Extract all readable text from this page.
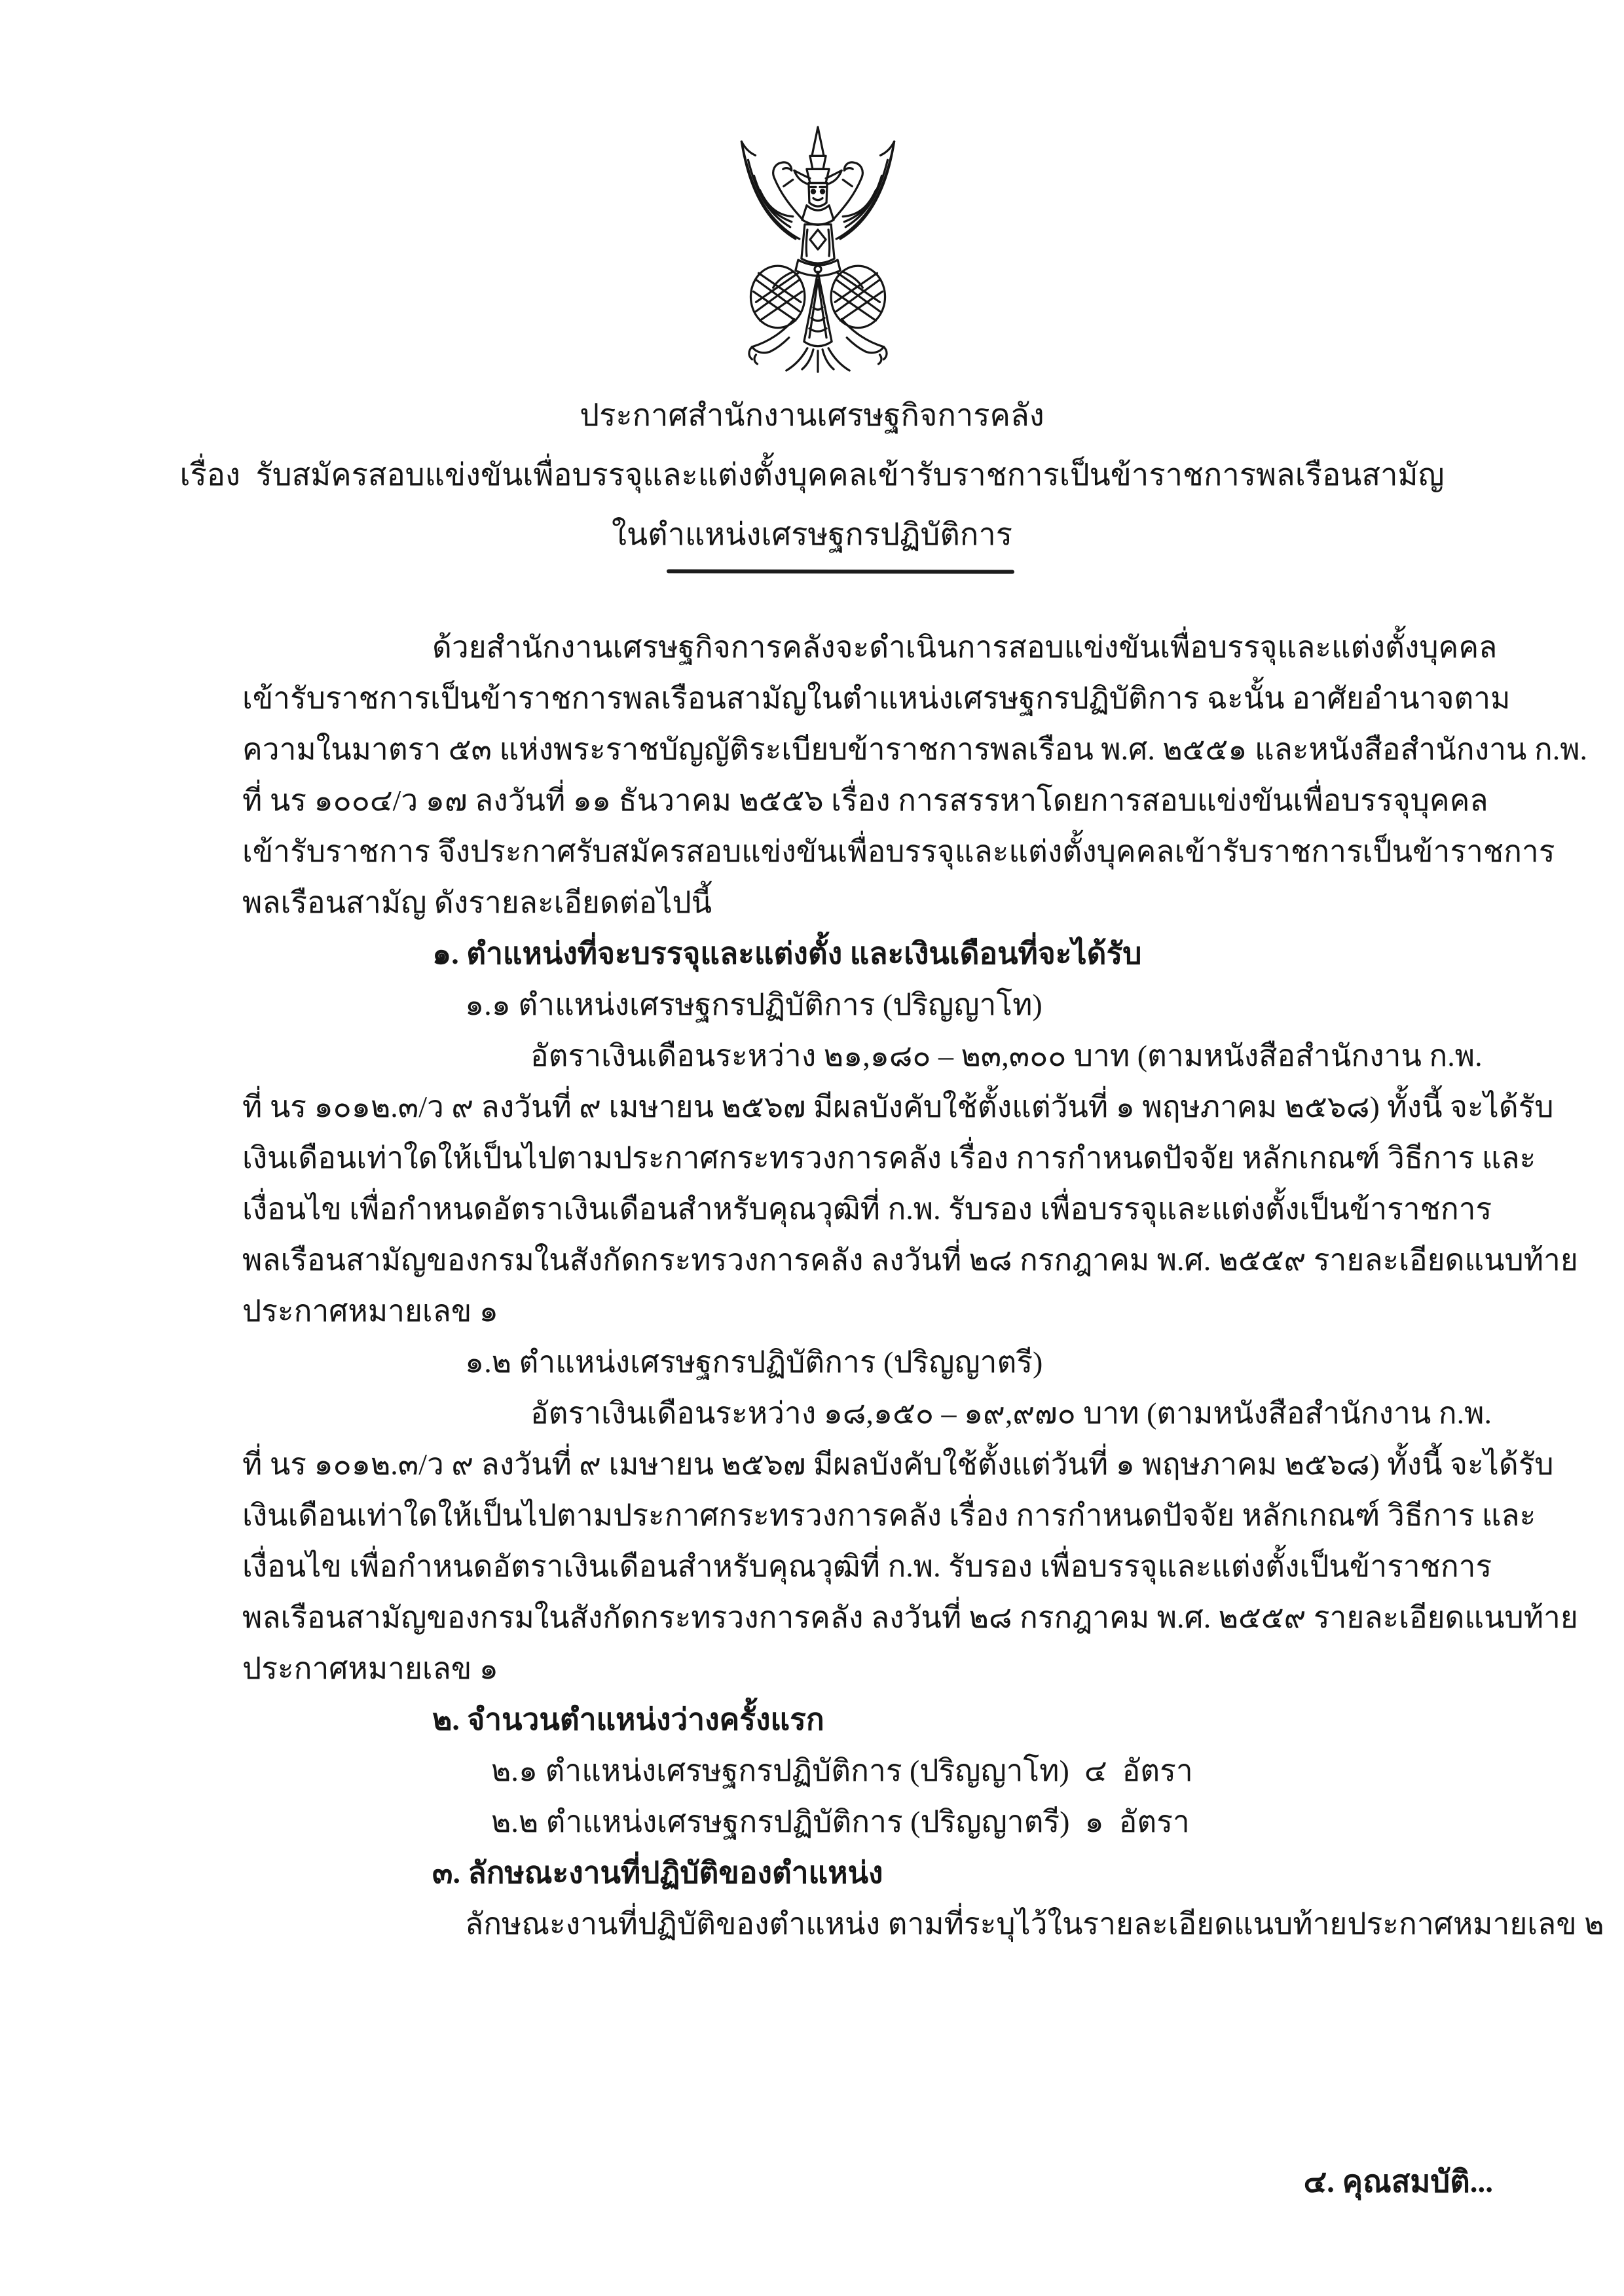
ประกาศสำนักงานเศรษฐกิจการคลัง
เรื่อง  รับสมัครสอบแข่งขันเพื่อบรรจุและแต่งตั้งบุคคลเข้ารับราชการเป็นข้าราชการพลเรือนสามัญ
ในตำแหน่งเศรษฐกรปฏิบัติการ
ด้วยสำนักงานเศรษฐกิจการคลังจะดำเนินการสอบแข่งขันเพื่อบรรจุและแต่งตั้งบุคคล
เข้ารับราชการเป็นข้าราชการพลเรือนสามัญในตำแหน่งเศรษฐกรปฏิบัติการ ฉะนั้น อาศัยอำนาจตาม
ความในมาตรา ๕๓ แห่งพระราชบัญญัติระเบียบข้าราชการพลเรือน พ.ศ. ๒๕๕๑ และหนังสือสำนักงาน ก.พ.
ที่ นร ๑๐๐๔/ว ๑๗ ลงวันที่ ๑๑ ธันวาคม ๒๕๕๖ เรื่อง การสรรหาโดยการสอบแข่งขันเพื่อบรรจุบุคคล
เข้ารับราชการ จึงประกาศรับสมัครสอบแข่งขันเพื่อบรรจุและแต่งตั้งบุคคลเข้ารับราชการเป็นข้าราชการ
พลเรือนสามัญ ดังรายละเอียดต่อไปนี้
๑. ตำแหน่งที่จะบรรจุและแต่งตั้ง และเงินเดือนที่จะได้รับ
๑.๑ ตำแหน่งเศรษฐกรปฏิบัติการ (ปริญญาโท)
อัตราเงินเดือนระหว่าง ๒๑,๑๘๐ – ๒๓,๓๐๐ บาท (ตามหนังสือสำนักงาน ก.พ.
ที่ นร ๑๐๑๒.๓/ว ๙ ลงวันที่ ๙ เมษายน ๒๕๖๗ มีผลบังคับใช้ตั้งแต่วันที่ ๑ พฤษภาคม ๒๕๖๘) ทั้งนี้ จะได้รับ
เงินเดือนเท่าใดให้เป็นไปตามประกาศกระทรวงการคลัง เรื่อง การกำหนดปัจจัย หลักเกณฑ์ วิธีการ และ
เงื่อนไข เพื่อกำหนดอัตราเงินเดือนสำหรับคุณวุฒิที่ ก.พ. รับรอง เพื่อบรรจุและแต่งตั้งเป็นข้าราชการ
พลเรือนสามัญของกรมในสังกัดกระทรวงการคลัง ลงวันที่ ๒๘ กรกฎาคม พ.ศ. ๒๕๕๙ รายละเอียดแนบท้าย
ประกาศหมายเลข ๑
๑.๒ ตำแหน่งเศรษฐกรปฏิบัติการ (ปริญญาตรี)
อัตราเงินเดือนระหว่าง ๑๘,๑๕๐ – ๑๙,๙๗๐ บาท (ตามหนังสือสำนักงาน ก.พ.
ที่ นร ๑๐๑๒.๓/ว ๙ ลงวันที่ ๙ เมษายน ๒๕๖๗ มีผลบังคับใช้ตั้งแต่วันที่ ๑ พฤษภาคม ๒๕๖๘) ทั้งนี้ จะได้รับ
เงินเดือนเท่าใดให้เป็นไปตามประกาศกระทรวงการคลัง เรื่อง การกำหนดปัจจัย หลักเกณฑ์ วิธีการ และ
เงื่อนไข เพื่อกำหนดอัตราเงินเดือนสำหรับคุณวุฒิที่ ก.พ. รับรอง เพื่อบรรจุและแต่งตั้งเป็นข้าราชการ
พลเรือนสามัญของกรมในสังกัดกระทรวงการคลัง ลงวันที่ ๒๘ กรกฎาคม พ.ศ. ๒๕๕๙ รายละเอียดแนบท้าย
ประกาศหมายเลข ๑
๒. จำนวนตำแหน่งว่างครั้งแรก
๒.๑ ตำแหน่งเศรษฐกรปฏิบัติการ (ปริญญาโท)  ๔  อัตรา
๒.๒ ตำแหน่งเศรษฐกรปฏิบัติการ (ปริญญาตรี)  ๑  อัตรา
๓. ลักษณะงานที่ปฏิบัติของตำแหน่ง
ลักษณะงานที่ปฏิบัติของตำแหน่ง ตามที่ระบุไว้ในรายละเอียดแนบท้ายประกาศหมายเลข ๒
๔. คุณสมบัติ...
